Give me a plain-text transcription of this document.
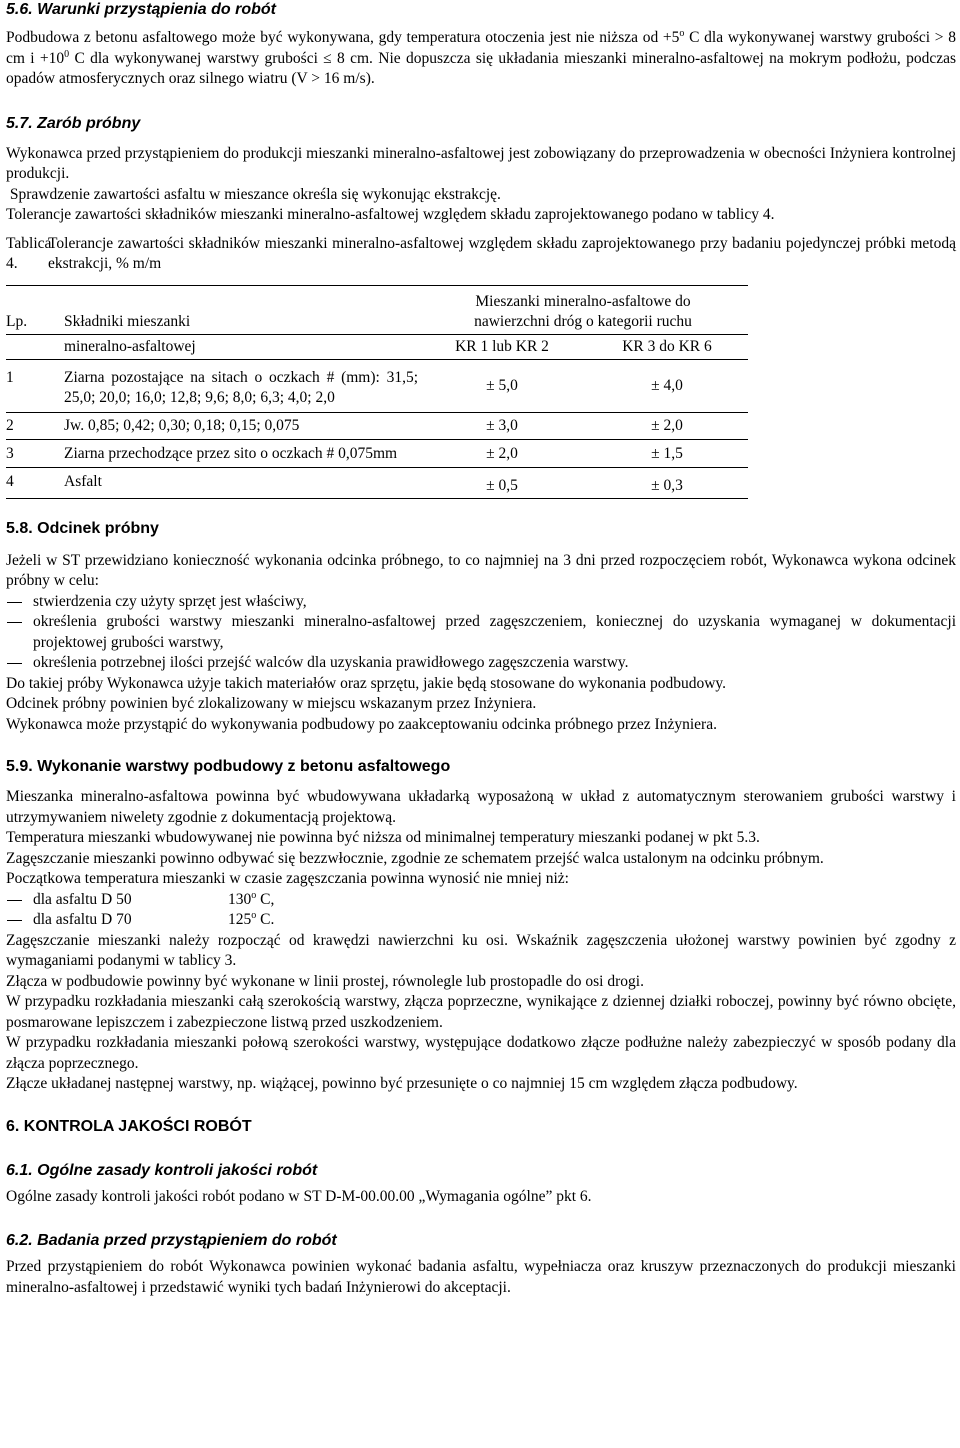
5.6. Warunki przystąpienia do robót

Podbudowa z betonu asfaltowego może być wykonywana, gdy temperatura otoczenia jest nie niższa od $+5^o$ C dla wykonywanej warstwy grubości > 8 cm $i +10^0$ C dla wykonywanej warstwy grubości ≤ 8 cm. Nie dopuszcza się układania mieszanki mineralno-asfaltowej na mokrym podłożu, podczas opadów atmosferycznych oraz silnego wiatru (V > 16 m/s).

5.7. Zarób próbny

Wykonawca przed przystąpieniem do produkcji mieszanki mineralno-asfaltowej jest zobowiązany do przeprowadzenia w obecności Inżyniera kontrolnej produkcji.

Sprawdzenie zawartości asfaltu w mieszance określa się wykonując ekstrakcję.

Tolerancje zawartości składników mieszanki mineralno-asfaltowej względem składu zaprojektowanego podano w tablicy 4.

Tablica 4.
Tolerancje zawartości składników mieszanki mineralno-asfaltowej względem składu zaprojektowanego przy badaniu pojedynczej próbki metodą ekstrakcji, % m/m
Lp.	Składniki mieszanki	Mieszanki mineralno-asfaltowe do	
		nawierzchni dróg o kategorii ruchu	
	mineralno-asfaltowej	KR 1 lub KR 2	KR 3 do KR 6
1	Ziarna pozostające na sitach o oczkach # (mm): 31,5; 25,0; 20,0; 16,0; 12,8; 9,6; 8,0; 6,3; 4,0; 2,0	± 5,0	± 4,0
2	Jw. 0,85; 0,42; 0,30; 0,18; 0,15; 0,075	± 3,0	± 2,0
3	Ziarna przechodzące przez sito o oczkach # 0,075mm	± 2,0	± 1,5
4	Asfalt	± 0,5	± 0,3
5.8. Odcinek próbny

Jeżeli w ST przewidziano konieczność wykonania odcinka próbnego, to co najmniej na 3 dni przed rozpoczęciem robót, Wykonawca wykona odcinek próbny w celu:

stwierdzenia czy użyty sprzęt jest właściwy,
określenia grubości warstwy mieszanki mineralno-asfaltowej przed zagęszczeniem, koniecznej do uzyskania wymaganej w dokumentacji projektowej grubości warstwy,
określenia potrzebnej ilości przejść walców dla uzyskania prawidłowego zagęszczenia warstwy.

Do takiej próby Wykonawca użyje takich materiałów oraz sprzętu, jakie będą stosowane do wykonania podbudowy.

Odcinek próbny powinien być zlokalizowany w miejscu wskazanym przez Inżyniera.

Wykonawca może przystąpić do wykonywania podbudowy po zaakceptowaniu odcinka próbnego przez Inżyniera.

5.9. Wykonanie warstwy podbudowy z betonu asfaltowego

Mieszanka mineralno-asfaltowa powinna być wbudowywana układarką wyposażoną w układ z automatycznym sterowaniem grubości warstwy i utrzymywaniem niwelety zgodnie z dokumentacją projektową.

Temperatura mieszanki wbudowywanej nie powinna być niższa od minimalnej temperatury mieszanki podanej w pkt 5.3.

Zagęszczanie mieszanki powinno odbywać się bezzwłocznie, zgodnie ze schematem przejść walca ustalonym na odcinku próbnym.

Początkowa temperatura mieszanki w czasie zagęszczania powinna wynosić nie mniej niż:

dla asfaltu D 50	130$^o$ C,
dla asfaltu D 70	125$^o$ C.

Zagęszczanie mieszanki należy rozpocząć od krawędzi nawierzchni ku osi. Wskaźnik zagęszczenia ułożonej warstwy powinien być zgodny z wymaganiami podanymi w tablicy 3.

Złącza w podbudowie powinny być wykonane w linii prostej, równolegle lub prostopadle do osi drogi.

W przypadku rozkładania mieszanki całą szerokością warstwy, złącza poprzeczne, wynikające z dziennej działki roboczej, powinny być równo obcięte, posmarowane lepiszczem i zabezpieczone listwą przed uszkodzeniem.

W przypadku rozkładania mieszanki połową szerokości warstwy, występujące dodatkowo złącze podłużne należy zabezpieczyć w sposób podany dla złącza poprzecznego.

Złącze układanej następnej warstwy, np. wiążącej, powinno być przesunięte o co najmniej 15 cm względem złącza podbudowy.

6. KONTROLA JAKOŚCI ROBÓT
6.1. Ogólne zasady kontroli jakości robót

Ogólne zasady kontroli jakości robót podano w ST D-M-00.00.00 „Wymagania ogólne” pkt 6.

6.2. Badania przed przystąpieniem do robót

Przed przystąpieniem do robót Wykonawca powinien wykonać badania asfaltu, wypełniacza oraz kruszyw przeznaczonych do produkcji mieszanki mineralno-asfaltowej i przedstawić wyniki tych badań Inżynierowi do akceptacji.
